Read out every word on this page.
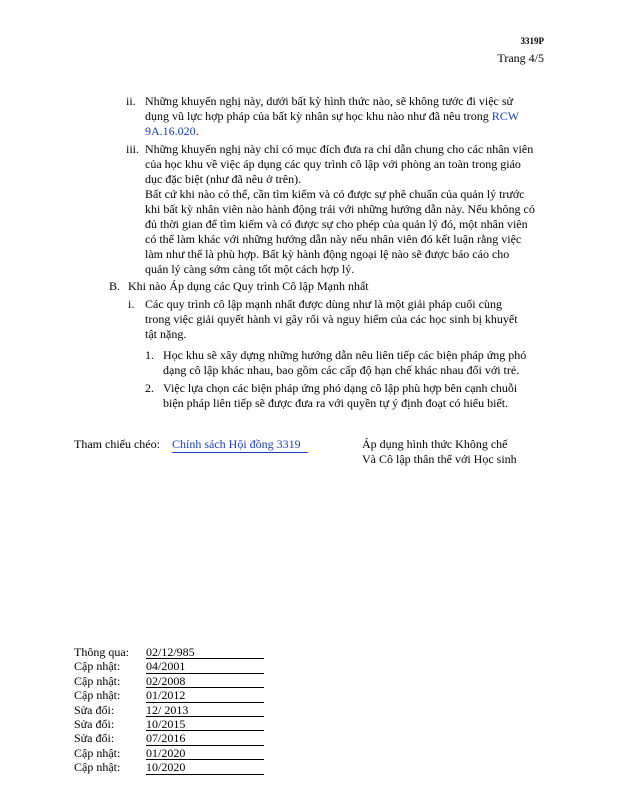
3319P
Trang 4/5
ii. Những khuyến nghị này, dưới bất kỳ hình thức nào, sẽ không tước đi việc sử dụng vũ lực hợp pháp của bất kỳ nhân sự học khu nào như đã nêu trong RCW 9A.16.020.
iii. Những khuyến nghị này chỉ có mục đích đưa ra chỉ dẫn chung cho các nhân viên của học khu về việc áp dụng các quy trình cô lập với phòng an toàn trong giáo dục đặc biệt (như đã nêu ở trên).
Bất cứ khi nào có thể, cần tìm kiếm và có được sự phê chuẩn của quản lý trước khi bất kỳ nhân viên nào hành động trái với những hướng dẫn này. Nếu không có đủ thời gian để tìm kiếm và có được sự cho phép của quản lý đó, một nhân viên có thể làm khác với những hướng dẫn này nếu nhân viên đó kết luận rằng việc làm như thế là phù hợp. Bất kỳ hành động ngoại lệ nào sẽ được báo cáo cho quản lý càng sớm càng tốt một cách hợp lý.
B. Khi nào Áp dụng các Quy trình Cô lập Mạnh nhất
i. Các quy trình cô lập mạnh nhất được dùng như là một giải pháp cuối cùng trong việc giải quyết hành vi gây rối và nguy hiểm của các học sinh bị khuyết tật nặng.
1. Học khu sẽ xây dựng những hướng dẫn nêu liên tiếp các biện pháp ứng phó dạng cô lập khác nhau, bao gồm các cấp độ hạn chế khác nhau đối với trẻ.
2. Việc lựa chọn các biện pháp ứng phó dạng cô lập phù hợp bên cạnh chuỗi biện pháp liên tiếp sẽ được đưa ra với quyền tự ý định đoạt có hiểu biết.
Tham chiếu chéo: Chính sách Hội đồng 3319	Áp dụng hình thức Không chế
Và Cô lập thân thể với Học sinh
Thông qua:	02/12/985
Cập nhật:	04/2001
Cập nhật:	02/2008
Cập nhật:	01/2012
Sửa đổi:	12/ 2013
Sửa đổi:	10/2015
Sửa đổi:	07/2016
Cập nhật:	01/2020
Cập nhật:	10/2020
